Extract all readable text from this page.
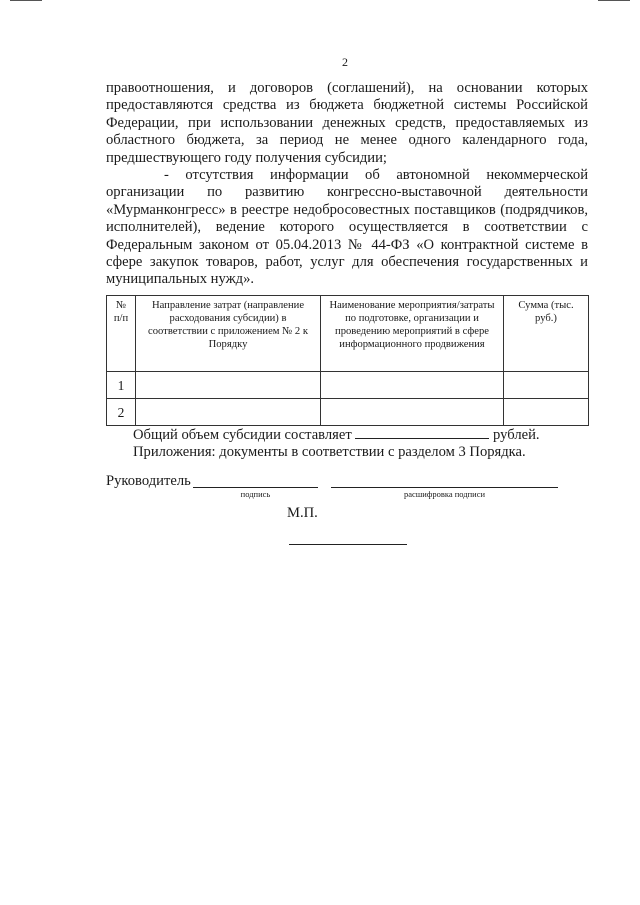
2

правоотношения, и договоров (соглашений), на основании которых предоставляются средства из бюджета бюджетной системы Российской Федерации, при использовании денежных средств, предоставляемых из областного бюджета, за период не менее одного календарного года, предшествующего году получения субсидии;

- отсутствия информации об автономной некоммерческой организации по развитию конгрессно-выставочной деятельности «Мурманконгресс» в реестре недобросовестных поставщиков (подрядчиков, исполнителей), ведение которого осуществляется в соответствии с Федеральным законом от 05.04.2013 № 44-ФЗ «О контрактной системе в сфере закупок товаров, работ, услуг для обеспечения государственных и муниципальных нужд».

№ п/п	Направление затрат (направление расходования субсидии) в соответствии с приложением № 2 к Порядку	Наименование мероприятия/затраты по подготовке, организации и проведению мероприятий в сфере информационного продвижения	Сумма (тыс. руб.)
1			
2			
Общий объем субсидии составляет	рублей.
Приложения: документы в соответствии с разделом 3 Порядка.
Руководитель
подпись	расшифровка подписи
М.П.
